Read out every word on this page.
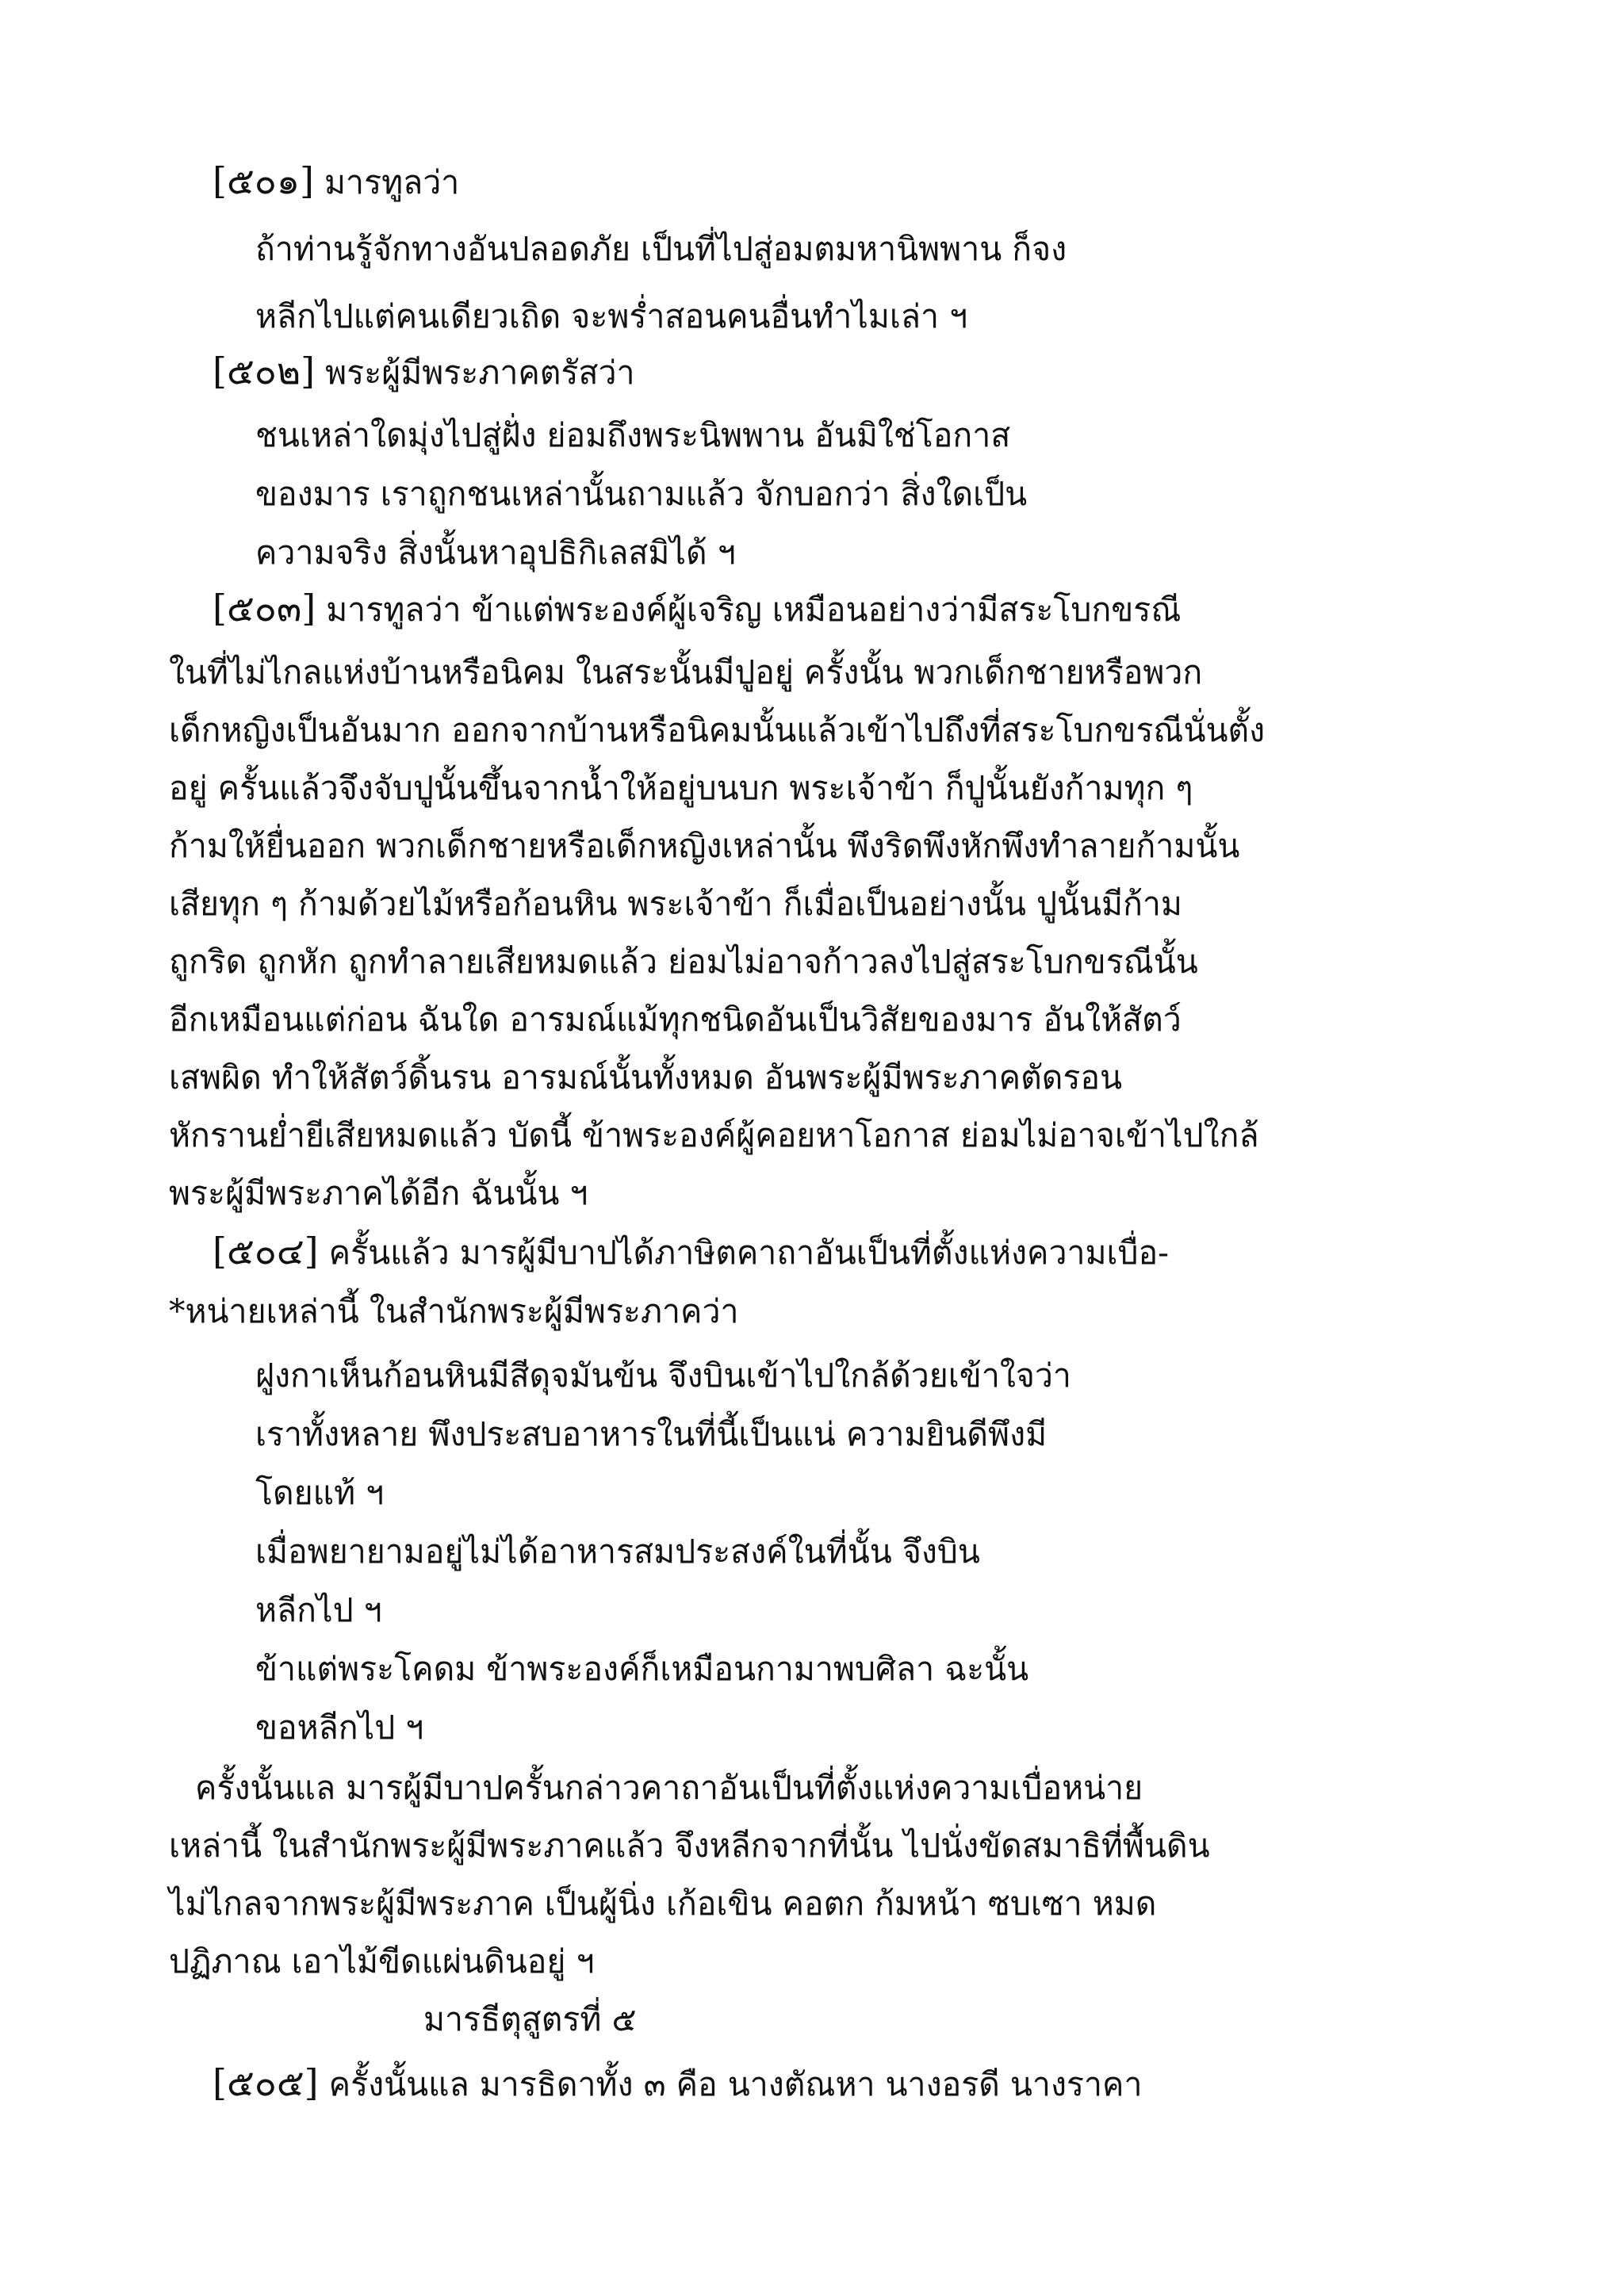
[๕๐๑] มารทูลว่า
ถ้าท่านรู้จักทางอันปลอดภัย เป็นที่ไปสู่อมตมหานิพพาน ก็จง
หลีกไปแต่คนเดียวเถิด จะพร่ำสอนคนอื่นทำไมเล่า ฯ
[๕๐๒] พระผู้มีพระภาคตรัสว่า
ชนเหล่าใดมุ่งไปสู่ฝั่ง ย่อมถึงพระนิพพาน อันมิใช่โอกาส
ของมาร เราถูกชนเหล่านั้นถามแล้ว จักบอกว่า สิ่งใดเป็น
ความจริง สิ่งนั้นหาอุปธิกิเลสมิได้ ฯ
[๕๐๓] มารทูลว่า ข้าแต่พระองค์ผู้เจริญ เหมือนอย่างว่ามีสระโบกขรณี
ในที่ไม่ไกลแห่งบ้านหรือนิคม ในสระนั้นมีปูอยู่ ครั้งนั้น พวกเด็กชายหรือพวก
เด็กหญิงเป็นอันมาก ออกจากบ้านหรือนิคมนั้นแล้วเข้าไปถึงที่สระโบกขรณีนั่นตั้ง
อยู่ ครั้นแล้วจึงจับปูนั้นขึ้นจากน้ำให้อยู่บนบก พระเจ้าข้า ก็ปูนั้นยังก้ามทุก ๆ
ก้ามให้ยื่นออก พวกเด็กชายหรือเด็กหญิงเหล่านั้น พึงริดพึงหักพึงทำลายก้ามนั้น
เสียทุก ๆ ก้ามด้วยไม้หรือก้อนหิน พระเจ้าข้า ก็เมื่อเป็นอย่างนั้น ปูนั้นมีก้าม
ถูกริด ถูกหัก ถูกทำลายเสียหมดแล้ว ย่อมไม่อาจก้าวลงไปสู่สระโบกขรณีนั้น
อีกเหมือนแต่ก่อน ฉันใด อารมณ์แม้ทุกชนิดอันเป็นวิสัยของมาร อันให้สัตว์
เสพผิด ทำให้สัตว์ดิ้นรน อารมณ์นั้นทั้งหมด อันพระผู้มีพระภาคตัดรอน
หักรานย่ำยีเสียหมดแล้ว บัดนี้ ข้าพระองค์ผู้คอยหาโอกาส ย่อมไม่อาจเข้าไปใกล้
พระผู้มีพระภาคได้อีก ฉันนั้น ฯ
[๕๐๔] ครั้นแล้ว มารผู้มีบาปได้ภาษิตคาถาอันเป็นที่ตั้งแห่งความเบื่อ-
*หน่ายเหล่านี้ ในสำนักพระผู้มีพระภาคว่า
ฝูงกาเห็นก้อนหินมีสีดุจมันข้น จึงบินเข้าไปใกล้ด้วยเข้าใจว่า
เราทั้งหลาย พึงประสบอาหารในที่นี้เป็นแน่ ความยินดีพึงมี
โดยแท้ ฯ
เมื่อพยายามอยู่ไม่ได้อาหารสมประสงค์ในที่นั้น จึงบิน
หลีกไป ฯ
ข้าแต่พระโคดม ข้าพระองค์ก็เหมือนกามาพบศิลา ฉะนั้น
ขอหลีกไป ฯ
ครั้งนั้นแล มารผู้มีบาปครั้นกล่าวคาถาอันเป็นที่ตั้งแห่งความเบื่อหน่าย
เหล่านี้ ในสำนักพระผู้มีพระภาคแล้ว จึงหลีกจากที่นั้น ไปนั่งขัดสมาธิที่พื้นดิน
ไม่ไกลจากพระผู้มีพระภาค เป็นผู้นิ่ง เก้อเขิน คอตก ก้มหน้า ซบเซา หมด
ปฏิภาณ เอาไม้ขีดแผ่นดินอยู่ ฯ
มารธีตุสูตรที่ ๕
[๕๐๕] ครั้งนั้นแล มารธิดาทั้ง ๓ คือ นางตัณหา นางอรดี นางราคา
